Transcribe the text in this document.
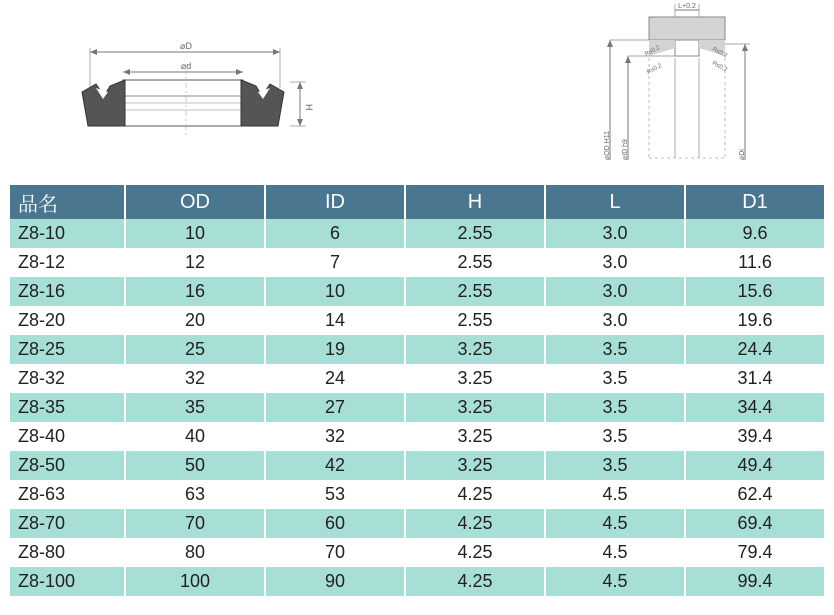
⌀D
⌀d
H
L+0.2
R≤0.2
R≤0.2
R≤0.2
R≤0.2
⌀OD H11 ⌀ID h9	⌀Di
品名	OD	ID	H	L	D1
Z8-10	10	6	2.55	3.0	9.6
Z8-12	12	7	2.55	3.0	11.6
Z8-16	16	10	2.55	3.0	15.6
Z8-20	20	14	2.55	3.0	19.6
Z8-25	25	19	3.25	3.5	24.4
Z8-32	32	24	3.25	3.5	31.4
Z8-35	35	27	3.25	3.5	34.4
Z8-40	40	32	3.25	3.5	39.4
Z8-50	50	42	3.25	3.5	49.4
Z8-63	63	53	4.25	4.5	62.4
Z8-70	70	60	4.25	4.5	69.4
Z8-80	80	70	4.25	4.5	79.4
Z8-100	100	90	4.25	4.5	99.4
